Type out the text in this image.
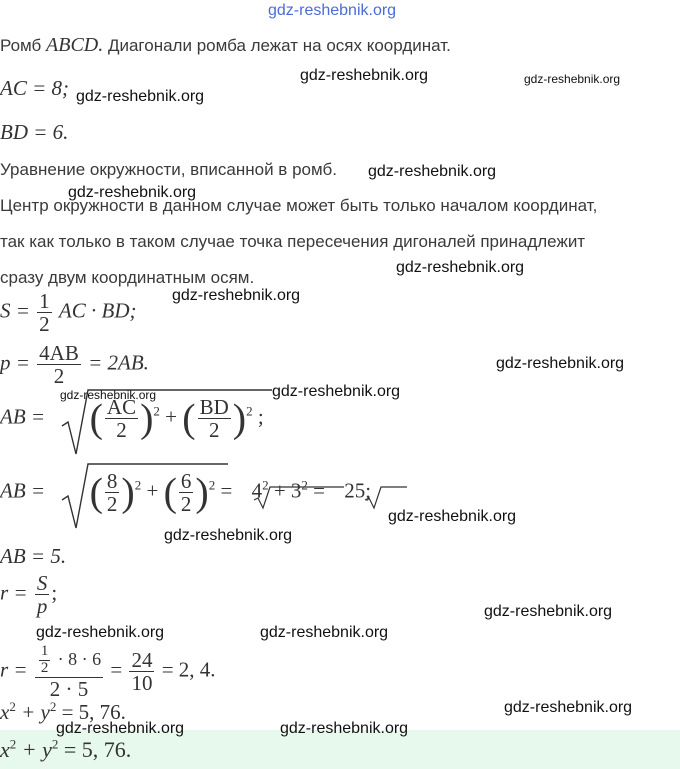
gdz-reshebnik.org
Ромб ABCD. Диагонали ромба лежат на осях координат.
AC = 8;
BD = 6.
Уравнение окружности, вписанной в ромб.
Центр окружности в данном случае может быть только началом координат,
так как только в таком случае точка пересечения дигоналей принадлежит
сразу двум координатным осям.
$S = \frac{1}{2}$ AC · BD;
$p = \frac{4AB}{2} = 2AB$.
AB = ( $\frac{AC}{2} )^2$ + ( $\frac{BD}{2} )^2$ ;
AB = ( $\frac{8}{2} )^2$ + ( $\frac{6}{2} )^2 = 4^2 + 3^2 = 25$;
AB = 5.
$r = \frac{S}{p}$ ;
$r = \frac{\frac{1}{2} \cdot 8 \cdot 6}{2 \cdot 5} = \frac{24}{10} = 2$, 4.
$x^2 + y^2 = 5$, 76.
$x^2 + y^2 = 5$, 76.
gdz-reshebnik.org	gdz-reshebnik.org
gdz-reshebnik.org
gdz-reshebnik.org
gdz-reshebnik.org
gdz-reshebnik.org
gdz-reshebnik.org
gdz-reshebnik.org
gdz-reshebnik.org	gdz-reshebnik.org
gdz-reshebnik.org
gdz-reshebnik.org
gdz-reshebnik.org
gdz-reshebnik.org	gdz-reshebnik.org
gdz-reshebnik.org
gdz-reshebnik.org	gdz-reshebnik.org
